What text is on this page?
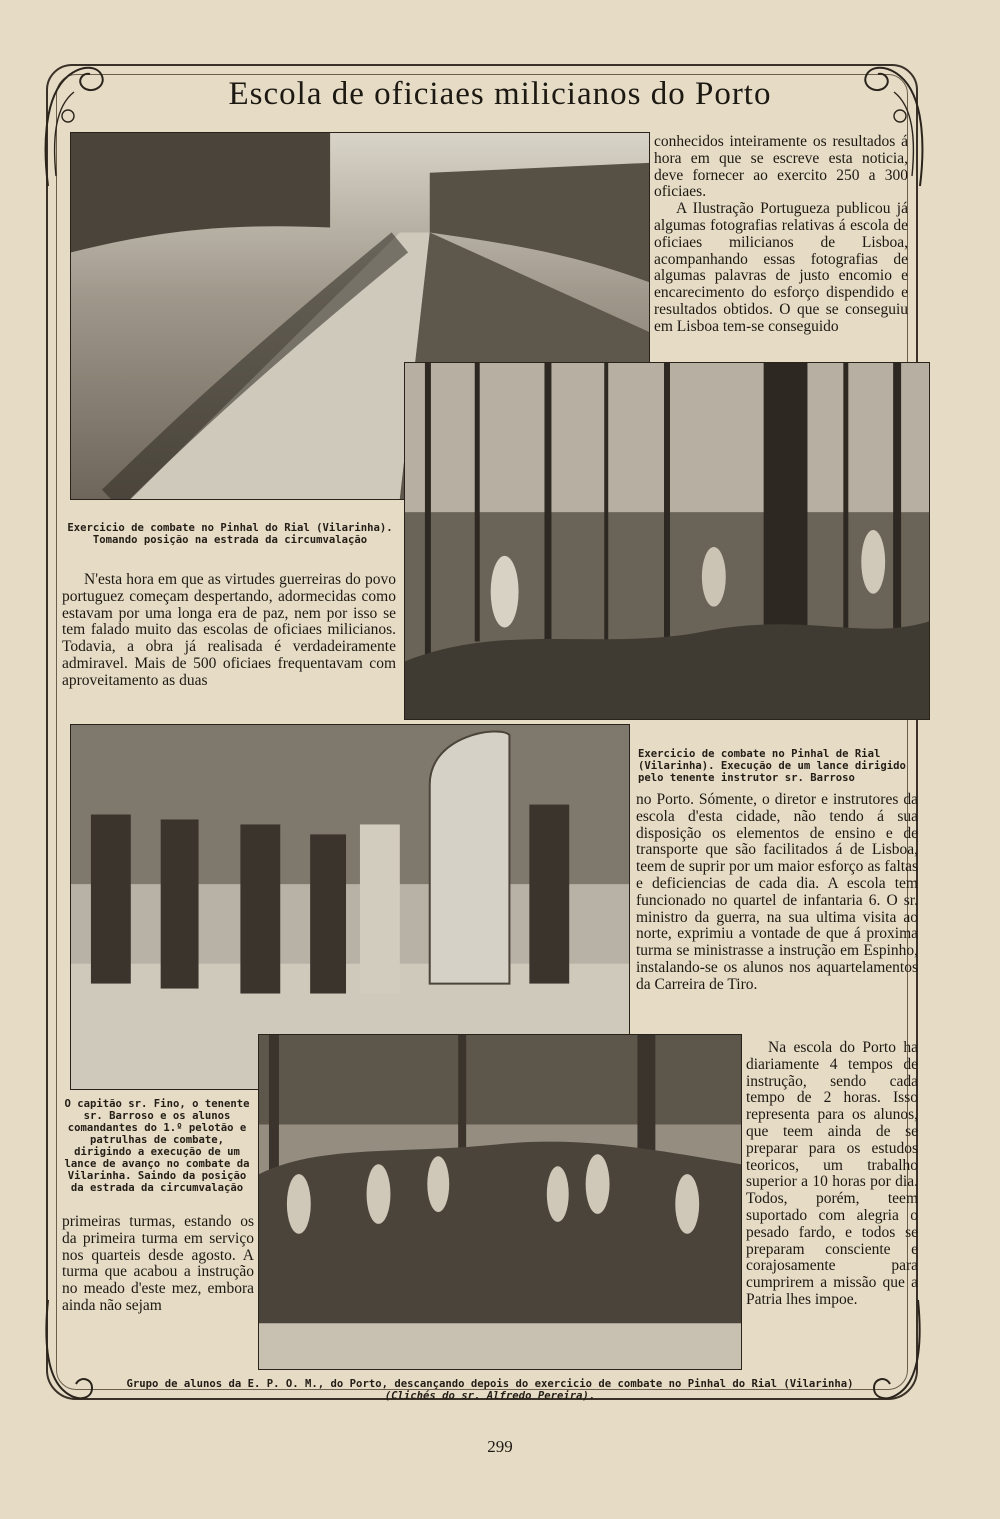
Escola de oficiaes milicianos do Porto

conhecidos inteiramente os resultados á hora em que se escreve esta noticia, deve fornecer ao exercito 250 a 300 oficiaes.

A Ilustração Portugueza publicou já algumas fotografias relativas á escola de oficiaes milicianos de Lisboa, acompanhando essas fotografias de algumas palavras de justo encomio e encarecimento do esforço dispendido e resultados obtidos. O que se conseguiu em Lisboa tem-se conseguido

Exercicio de combate no Pinhal do Rial (Vilarinha). Tomando posição na estrada da circumvalação

N'esta hora em que as virtudes guerreiras do povo portuguez começam despertando, adormecidas como estavam por uma longa era de paz, nem por isso se tem falado muito das escolas de oficiaes milicianos. Todavia, a obra já realisada é verdadeiramente admiravel. Mais de 500 oficiaes frequentavam com aproveitamento as duas

Exercicio de combate no Pinhal de Rial (Vilarinha). Execução de um lance dirigido pelo tenente instrutor sr. Barroso

no Porto. Sómente, o diretor e instrutores da escola d'esta cidade, não tendo á sua disposição os elementos de ensino e de transporte que são facilitados á de Lisboa, teem de suprir por um maior esforço as faltas e deficiencias de cada dia. A escola tem funcionado no quartel de infantaria 6. O sr. ministro da guerra, na sua ultima visita ao norte, exprimiu a vontade de que á proxima turma se ministrasse a instrução em Espinho, instalando-se os alunos nos aquartelamentos da Carreira de Tiro.

Na escola do Porto ha diariamente 4 tempos de instrução, sendo cada tempo de 2 horas. Isso representa para os alunos, que teem ainda de se preparar para os estudos teoricos, um trabalho superior a 10 horas por dia. Todos, porém, teem suportado com alegria o pesado fardo, e todos se preparam consciente e corajosamente para cumprirem a missão que a Patria lhes impoe.

O capitão sr. Fino, o tenente sr. Barroso e os alunos comandantes do 1.º pelotão e patrulhas de combate, dirigindo a execução de um lance de avanço no combate da Vilarinha. Saindo da posição da estrada da circumvalação

primeiras turmas, estando os da primeira turma em serviço nos quarteis desde agosto. A turma que acabou a instrução no meado d'este mez, embora ainda não sejam

Grupo de alunos da E. P. O. M., do Porto, descançando depois do exercicio de combate no Pinhal do Rial (Vilarinha)
(Clichés do sr. Alfredo Pereira).
299
